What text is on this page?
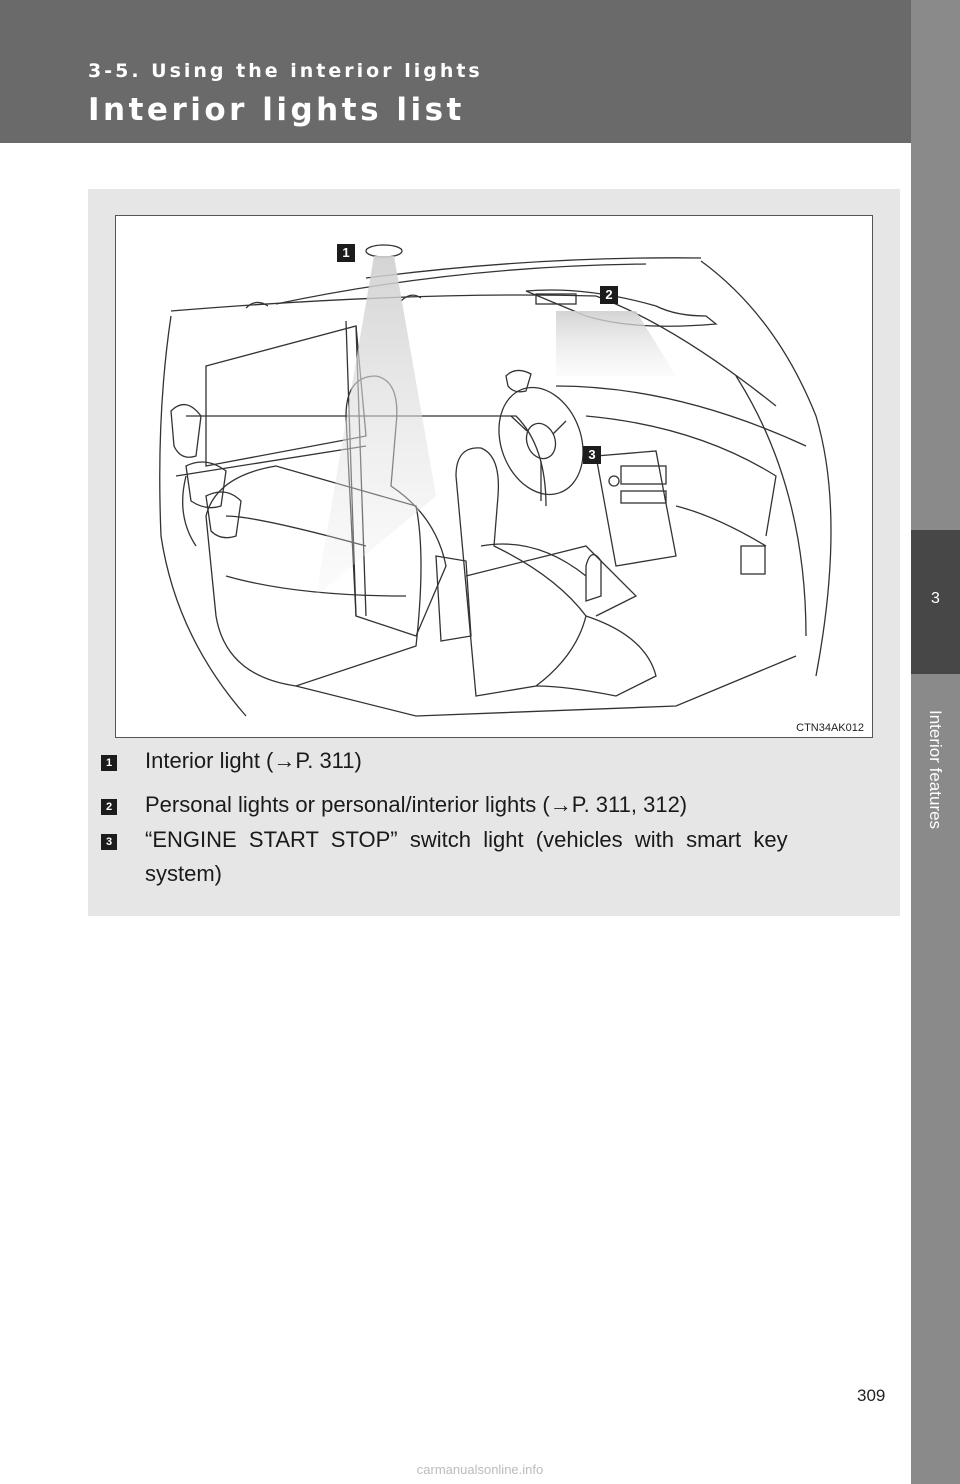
3-5. Using the interior lights
Interior lights list
3
Interior features
1
2
3
CTN34AK012
1 Interior light (→P. 311)
2 Personal lights or personal/interior lights (→P. 311, 312)
3 “ENGINE  START  STOP”  switch  light  (vehicles  with  smart  key
system)
309
carmanualsonline.info
